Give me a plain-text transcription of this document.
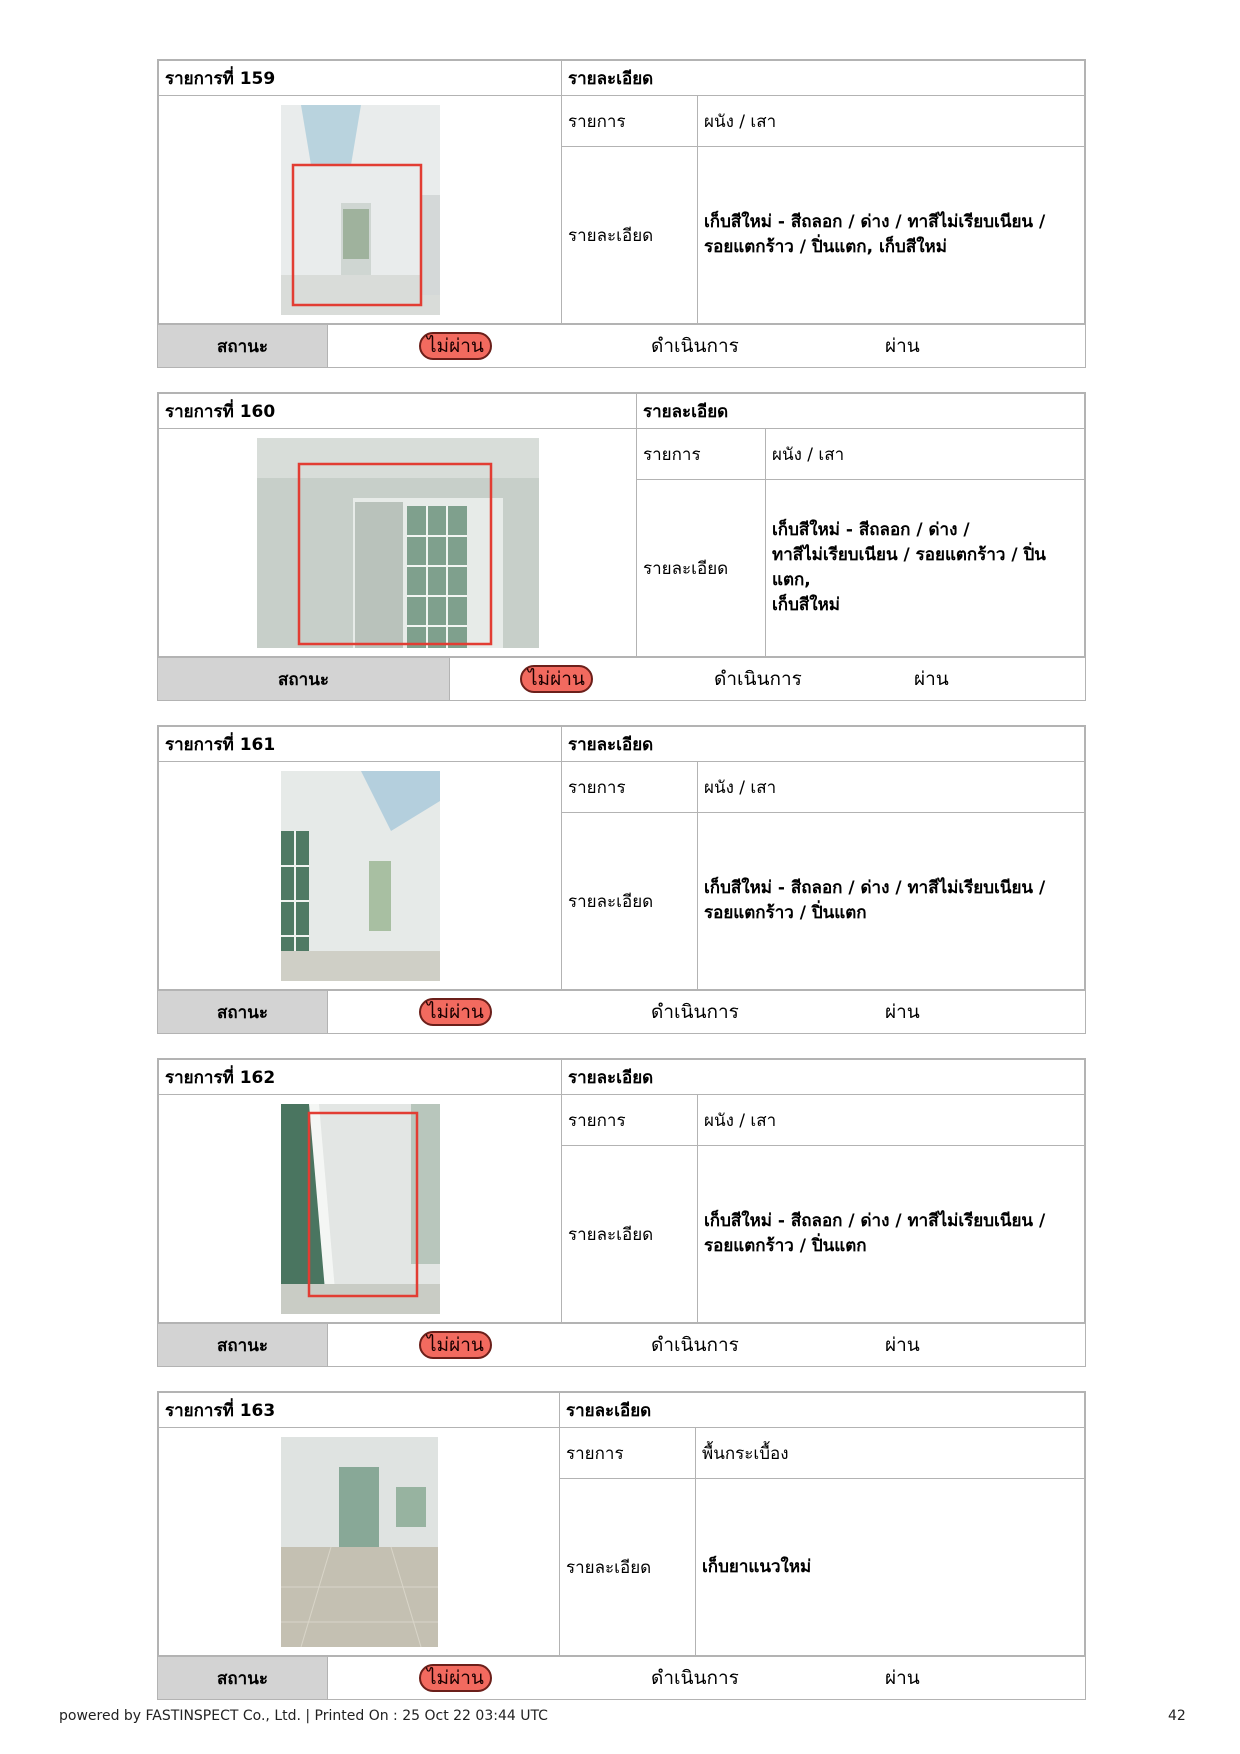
รายการที่ 159	รายละเอียด	

	รายการ	ผนัง / เสา
	รายละเอียด	เก็บสีใหม่ - สีถลอก / ด่าง / ทาสีไม่เรียบเนียน /
รอยแตกร้าว / ปิ่นแตก, เก็บสีใหม่
สถานะ	ไม่ผ่าน	ดำเนินการ	ผ่าน
รายการที่ 160	รายละเอียด	

	รายการ	ผนัง / เสา
	รายละเอียด	เก็บสีใหม่ - สีถลอก / ด่าง /
ทาสีไม่เรียบเนียน / รอยแตกร้าว / ปิ่นแตก,
เก็บสีใหม่
สถานะ	ไม่ผ่าน	ดำเนินการ	ผ่าน
รายการที่ 161	รายละเอียด	

	รายการ	ผนัง / เสา
	รายละเอียด	เก็บสีใหม่ - สีถลอก / ด่าง / ทาสีไม่เรียบเนียน /
รอยแตกร้าว / ปิ่นแตก
สถานะ	ไม่ผ่าน	ดำเนินการ	ผ่าน
รายการที่ 162	รายละเอียด	

	รายการ	ผนัง / เสา
	รายละเอียด	เก็บสีใหม่ - สีถลอก / ด่าง / ทาสีไม่เรียบเนียน /
รอยแตกร้าว / ปิ่นแตก
สถานะ	ไม่ผ่าน	ดำเนินการ	ผ่าน
รายการที่ 163	รายละเอียด	

	รายการ	พื้นกระเบื้อง
	รายละเอียด	เก็บยาแนวใหม่
สถานะ	ไม่ผ่าน	ดำเนินการ	ผ่าน
powered by FASTINSPECT Co., Ltd. | Printed On : 25 Oct 22 03:44 UTC	42
